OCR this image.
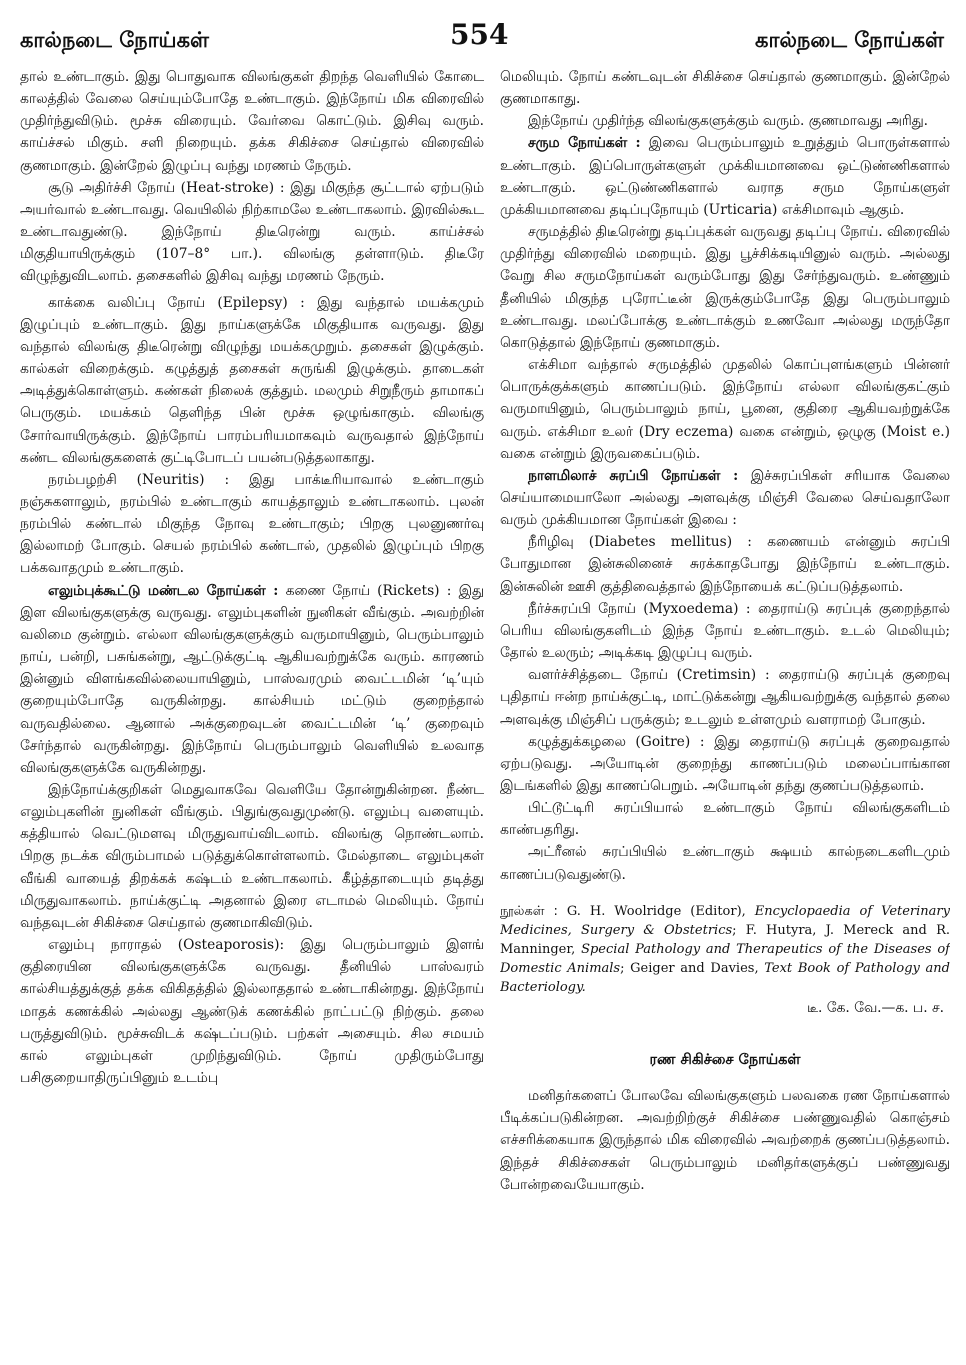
கால்நடை நோய்கள்	554	கால்நடை நோய்கள்

தால் உண்டாகும். இது பொதுவாக விலங்குகள் திறந்த வெளியில் கோடை காலத்தில் வேலை செய்யும்போதே உண்டாகும். இந்நோய் மிக விரைவில் முதிர்ந்துவிடும். மூச்சு விரையும். வேர்வை கொட்டும். இசிவு வரும். காய்ச்சல் மிகும். சளி நிறையும். தக்க சிகிச்சை செய்தால் விரைவில் குணமாகும். இன்றேல் இழுப்பு வந்து மரணம் நேரும்.

சூடு அதிர்ச்சி நோய் (Heat-stroke) : இது மிகுந்த சூட்டால் ஏற்படும் அயர்வால் உண்டாவது. வெயிலில் நிற்காமலே உண்டாகலாம். இரவில்கூட உண்டாவதுண்டு. இந்நோய் திடீரென்று வரும். காய்ச்சல் மிகுதியாயிருக்கும் (107–8° பா.). விலங்கு தள்ளாடும். திடீரே விழுந்துவிடலாம். தசைகளில் இசிவு வந்து மரணம் நேரும்.

காக்கை வலிப்பு நோய் (Epilepsy) : இது வந்தால் மயக்கமும் இழுப்பும் உண்டாகும். இது நாய்களுக்கே மிகுதியாக வருவது. இது வந்தால் விலங்கு திடீரென்று விழுந்து மயக்கமுறும். தசைகள் இழுக்கும். கால்கள் விறைக்கும். கழுத்துத் தசைகள் சுருங்கி இழுக்கும். தாடைகள் அடித்துக்கொள்ளும். கண்கள் நிலைக் குத்தும். மலமும் சிறுநீரும் தாமாகப் பெருகும். மயக்கம் தெளிந்த பின் மூச்சு ஒழுங்காகும். விலங்கு சோர்வாயிருக்கும். இந்நோய் பாரம்பரியமாகவும் வருவதால் இந்நோய் கண்ட விலங்குகளைக் குட்டிபோடப் பயன்படுத்தலாகாது.

நரம்பழற்சி (Neuritis) : இது பாக்டீரியாவால் உண்டாகும் நஞ்சுகளாலும், நரம்பில் உண்டாகும் காயத்தாலும் உண்டாகலாம். புலன் நரம்பில் கண்டால் மிகுந்த நோவு உண்டாகும்; பிறகு புலனுணர்வு இல்லாமற் போகும். செயல் நரம்பில் கண்டால், முதலில் இழுப்பும் பிறகு பக்கவாதமும் உண்டாகும்.

எலும்புக்கூட்டு மண்டல நோய்கள் : கணை நோய் (Rickets) : இது இள விலங்குகளுக்கு வருவது. எலும்புகளின் நுனிகள் வீங்கும். அவற்றின் வலிமை குன்றும். எல்லா விலங்குகளுக்கும் வருமாயினும், பெரும்பாலும் நாய், பன்றி, பசுங்கன்று, ஆட்டுக்குட்டி ஆகியவற்றுக்கே வரும். காரணம் இன்னும் விளங்கவில்லையாயினும், பாஸ்வரமும் வைட்டமின் ‘டி’யும் குறையும்போதே வருகின்றது. கால்சியம் மட்டும் குறைந்தால் வருவதில்லை. ஆனால் அக்குறைவுடன் வைட்டமின் ‘டி’ குறைவும் சேர்ந்தால் வருகின்றது. இந்நோய் பெரும்பாலும் வெளியில் உலவாத விலங்குகளுக்கே வருகின்றது.

இந்நோய்க்குறிகள் மெதுவாகவே வெளியே தோன்றுகின்றன. நீண்ட எலும்புகளின் நுனிகள் வீங்கும். பிதுங்குவதுமுண்டு. எலும்பு வளையும். கத்தியால் வெட்டுமளவு மிருதுவாய்விடலாம். விலங்கு நொண்டலாம். பிறகு நடக்க விரும்பாமல் படுத்துக்கொள்ளலாம். மேல்தாடை எலும்புகள் வீங்கி வாயைத் திறக்கக் கஷ்டம் உண்டாகலாம். கீழ்த்தாடையும் தடித்து மிருதுவாகலாம். நாய்க்குட்டி அதனால் இரை எடாமல் மெலியும். நோய் வந்தவுடன் சிகிச்சை செய்தால் குணமாகிவிடும்.

எலும்பு நாராதல் (Osteaporosis): இது பெரும்பாலும் இளங் குதிரையின விலங்குகளுக்கே வருவது. தீனியில் பாஸ்வரம் கால்சியத்துக்குத் தக்க விகிதத்தில் இல்லாததால் உண்டாகின்றது. இந்நோய் மாதக் கணக்கில் அல்லது ஆண்டுக் கணக்கில் நாட்பட்டு நிற்கும். தலை பருத்துவிடும். மூச்சுவிடக் கஷ்டப்படும். பற்கள் அசையும். சில சமயம் கால் எலும்புகள் முறிந்துவிடும். நோய் முதிரும்போது பசிகுறையாதிருப்பினும் உடம்பு

மெலியும். நோய் கண்டவுடன் சிகிச்சை செய்தால் குணமாகும். இன்றேல் குணமாகாது.

இந்நோய் முதிர்ந்த விலங்குகளுக்கும் வரும். குணமாவது அரிது.

சரும நோய்கள் : இவை பெரும்பாலும் உறுத்தும் பொருள்களால் உண்டாகும். இப்பொருள்களுள் முக்கியமானவை ஒட்டுண்ணிகளால் உண்டாகும். ஒட்டுண்ணிகளால் வராத சரும நோய்களுள் முக்கியமானவை தடிப்புநோயும் (Urticaria) எக்சிமாவும் ஆகும்.

சருமத்தில் திடீரென்று தடிப்புக்கள் வருவது தடிப்பு நோய். விரைவில் முதிர்ந்து விரைவில் மறையும். இது பூச்சிக்கடியினுல் வரும். அல்லது வேறு சில சருமநோய்கள் வரும்போது இது சேர்ந்துவரும். உண்ணும் தீனியில் மிகுந்த புரோட்டீன் இருக்கும்போதே இது பெரும்பாலும் உண்டாவது. மலப்போக்கு உண்டாக்கும் உணவோ அல்லது மருந்தோ கொடுத்தால் இந்நோய் குணமாகும்.

எக்சிமா வந்தால் சருமத்தில் முதலில் கொப்புளங்களும் பின்னர் பொருக்குக்களும் காணப்படும். இந்நோய் எல்லா விலங்குகட்கும் வருமாயினும், பெரும்பாலும் நாய், பூனை, குதிரை ஆகியவற்றுக்கே வரும். எக்சிமா உலர் (Dry eczema) வகை என்றும், ஒழுகு (Moist e.) வகை என்றும் இருவகைப்படும்.

நாளமிலாச் சுரப்பி நோய்கள் : இச்சுரப்பிகள் சரியாக வேலை செய்யாமையாலோ அல்லது அளவுக்கு மிஞ்சி வேலை செய்வதாலோ வரும் முக்கியமான நோய்கள் இவை :

நீரிழிவு (Diabetes mellitus) : கணையம் என்னும் சுரப்பி போதுமான இன்சுலினைச் சுரக்காதபோது இந்நோய் உண்டாகும். இன்சுலின் ஊசி குத்திவைத்தால் இந்நோயைக் கட்டுப்படுத்தலாம்.

நீர்ச்சுரப்பி நோய் (Myxoedema) : தைராய்டு சுரப்புக் குறைந்தால் பெரிய விலங்குகளிடம் இந்த நோய் உண்டாகும். உடல் மெலியும்; தோல் உலரும்; அடிக்கடி இழுப்பு வரும்.

வளர்ச்சித்தடை நோய் (Cretimsin) : தைராய்டு சுரப்புக் குறைவு புதிதாய் ஈன்ற நாய்க்குட்டி, மாட்டுக்கன்று ஆகியவற்றுக்கு வந்தால் தலை அளவுக்கு மிஞ்சிப் பருக்கும்; உடலும் உள்ளமும் வளராமற் போகும்.

கழுத்துக்கழலை (Goitre) : இது தைராய்டு சுரப்புக் குறைவதால் ஏற்படுவது. அயோடின் குறைந்து காணப்படும் மலைப்பாங்கான இடங்களில் இது காணப்பெறும். அயோடின் தந்து குணப்படுத்தலாம்.

பிட்டூட்டிரி சுரப்பியால் உண்டாகும் நோய் விலங்குகளிடம் காண்பதரிது.

அட்ரீனல் சுரப்பியில் உண்டாகும் க்ஷயம் கால்நடைகளிடமும் காணப்படுவதுண்டு.

நூல்கள் : G. H. Woolridge (Editor), Encyclopaedia of Veterinary Medicines, Surgery & Obstetrics; F. Hutyra, J. Mereck and R. Manninger, Special Pathology and Therapeutics of the Diseases of Domestic Animals; Geiger and Davies, Text Book of Pathology and Bacteriology.

டீ. கே. வே.—க. ப. ச.

ரண சிகிச்சை நோய்கள்

மனிதர்களைப் போலவே விலங்குகளும் பலவகை ரண நோய்களால் பீடிக்கப்படுகின்றன. அவற்றிற்குச் சிகிச்சை பண்ணுவதில் கொஞ்சம் எச்சரிக்கையாக இருந்தால் மிக விரைவில் அவற்றைக் குணப்படுத்தலாம். இந்தச் சிகிச்சைகள் பெரும்பாலும் மனிதர்களுக்குப் பண்ணுவது போன்றவையேயாகும்.
